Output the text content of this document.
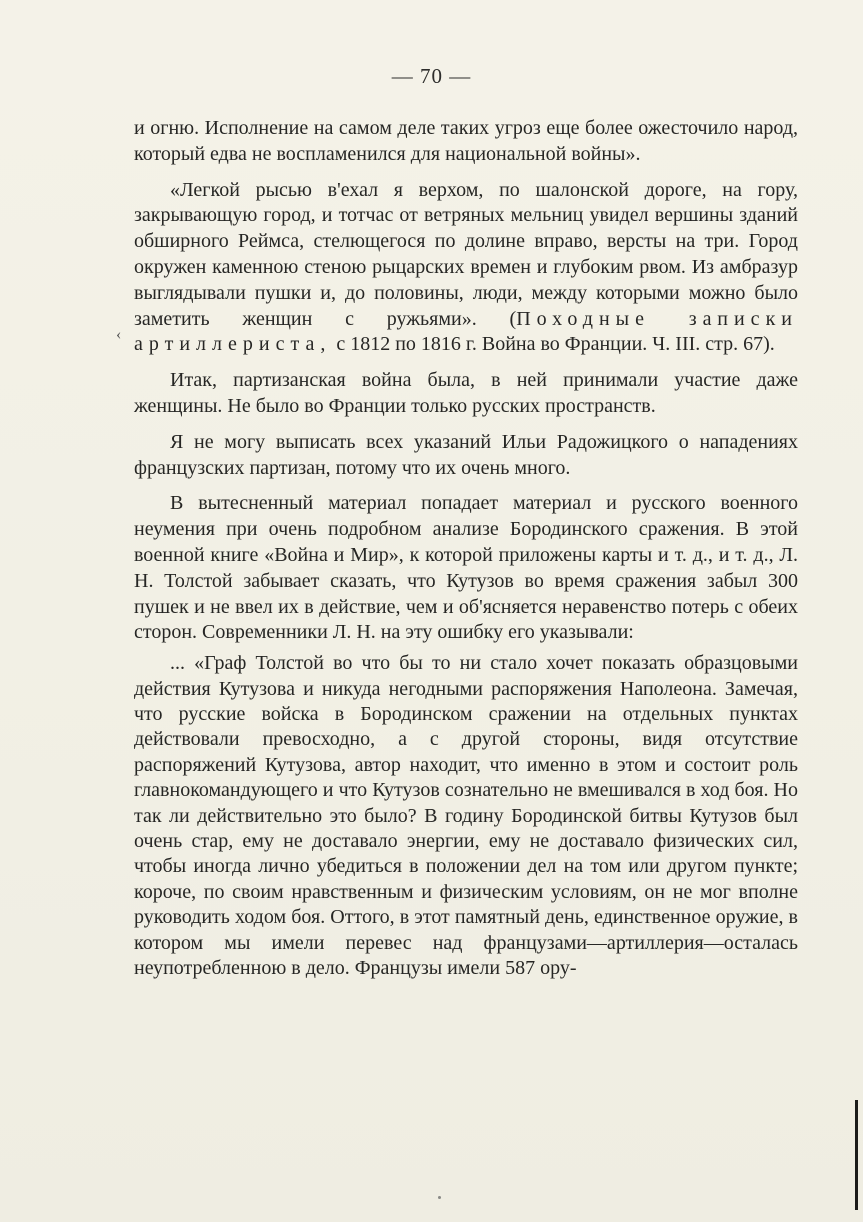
— 70 —
‹

и огню. Исполнение на самом деле таких угроз еще более ожесточило народ, который едва не воспламенился для национальной войны».

«Легкой рысью в'ехал я верхом, по шалонской дороге, на гору, закрывающую город, и тотчас от ветряных мельниц увидел вершины зданий обширного Реймса, стелющегося по долине вправо, версты на три. Город окружен каменною стеною рыцарских времен и глубоким рвом. Из амбразур выглядывали пушки и, до половины, люди, между которыми можно было заметить женщин с ружьями». (Походные записки артиллериста, с 1812 по 1816 г. Война во Франции. Ч. III. стр. 67).

Итак, партизанская война была, в ней принимали участие даже женщины. Не было во Франции только русских пространств.

Я не могу выписать всех указаний Ильи Радожицкого о нападениях французских партизан, потому что их очень много.

В вытесненный материал попадает материал и русского военного неумения при очень подробном анализе Бородинского сражения. В этой военной книге «Война и Мир», к которой приложены карты и т. д., и т. д., Л. Н. Толстой забывает сказать, что Кутузов во время сражения забыл 300 пушек и не ввел их в действие, чем и об'ясняется неравенство потерь с обеих сторон. Современники Л. Н. на эту ошибку его указывали:

... «Граф Толстой во что бы то ни стало хочет показать образцовыми действия Кутузова и никуда негодными распоряжения Наполеона. Замечая, что русские войска в Бородинском сражении на отдельных пунктах действовали превосходно, а с другой стороны, видя отсутствие распоряжений Кутузова, автор находит, что именно в этом и состоит роль главнокомандующего и что Кутузов сознательно не вмешивался в ход боя. Но так ли действительно это было? В годину Бородинской битвы Кутузов был очень стар, ему не доставало энергии, ему не доставало физических сил, чтобы иногда лично убедиться в положении дел на том или другом пункте; короче, по своим нравственным и физическим условиям, он не мог вполне руководить ходом боя. Оттого, в этот памятный день, единственное оружие, в котором мы имели перевес над французами—артиллерия—осталась неупотребленною в дело. Французы имели 587 ору-
